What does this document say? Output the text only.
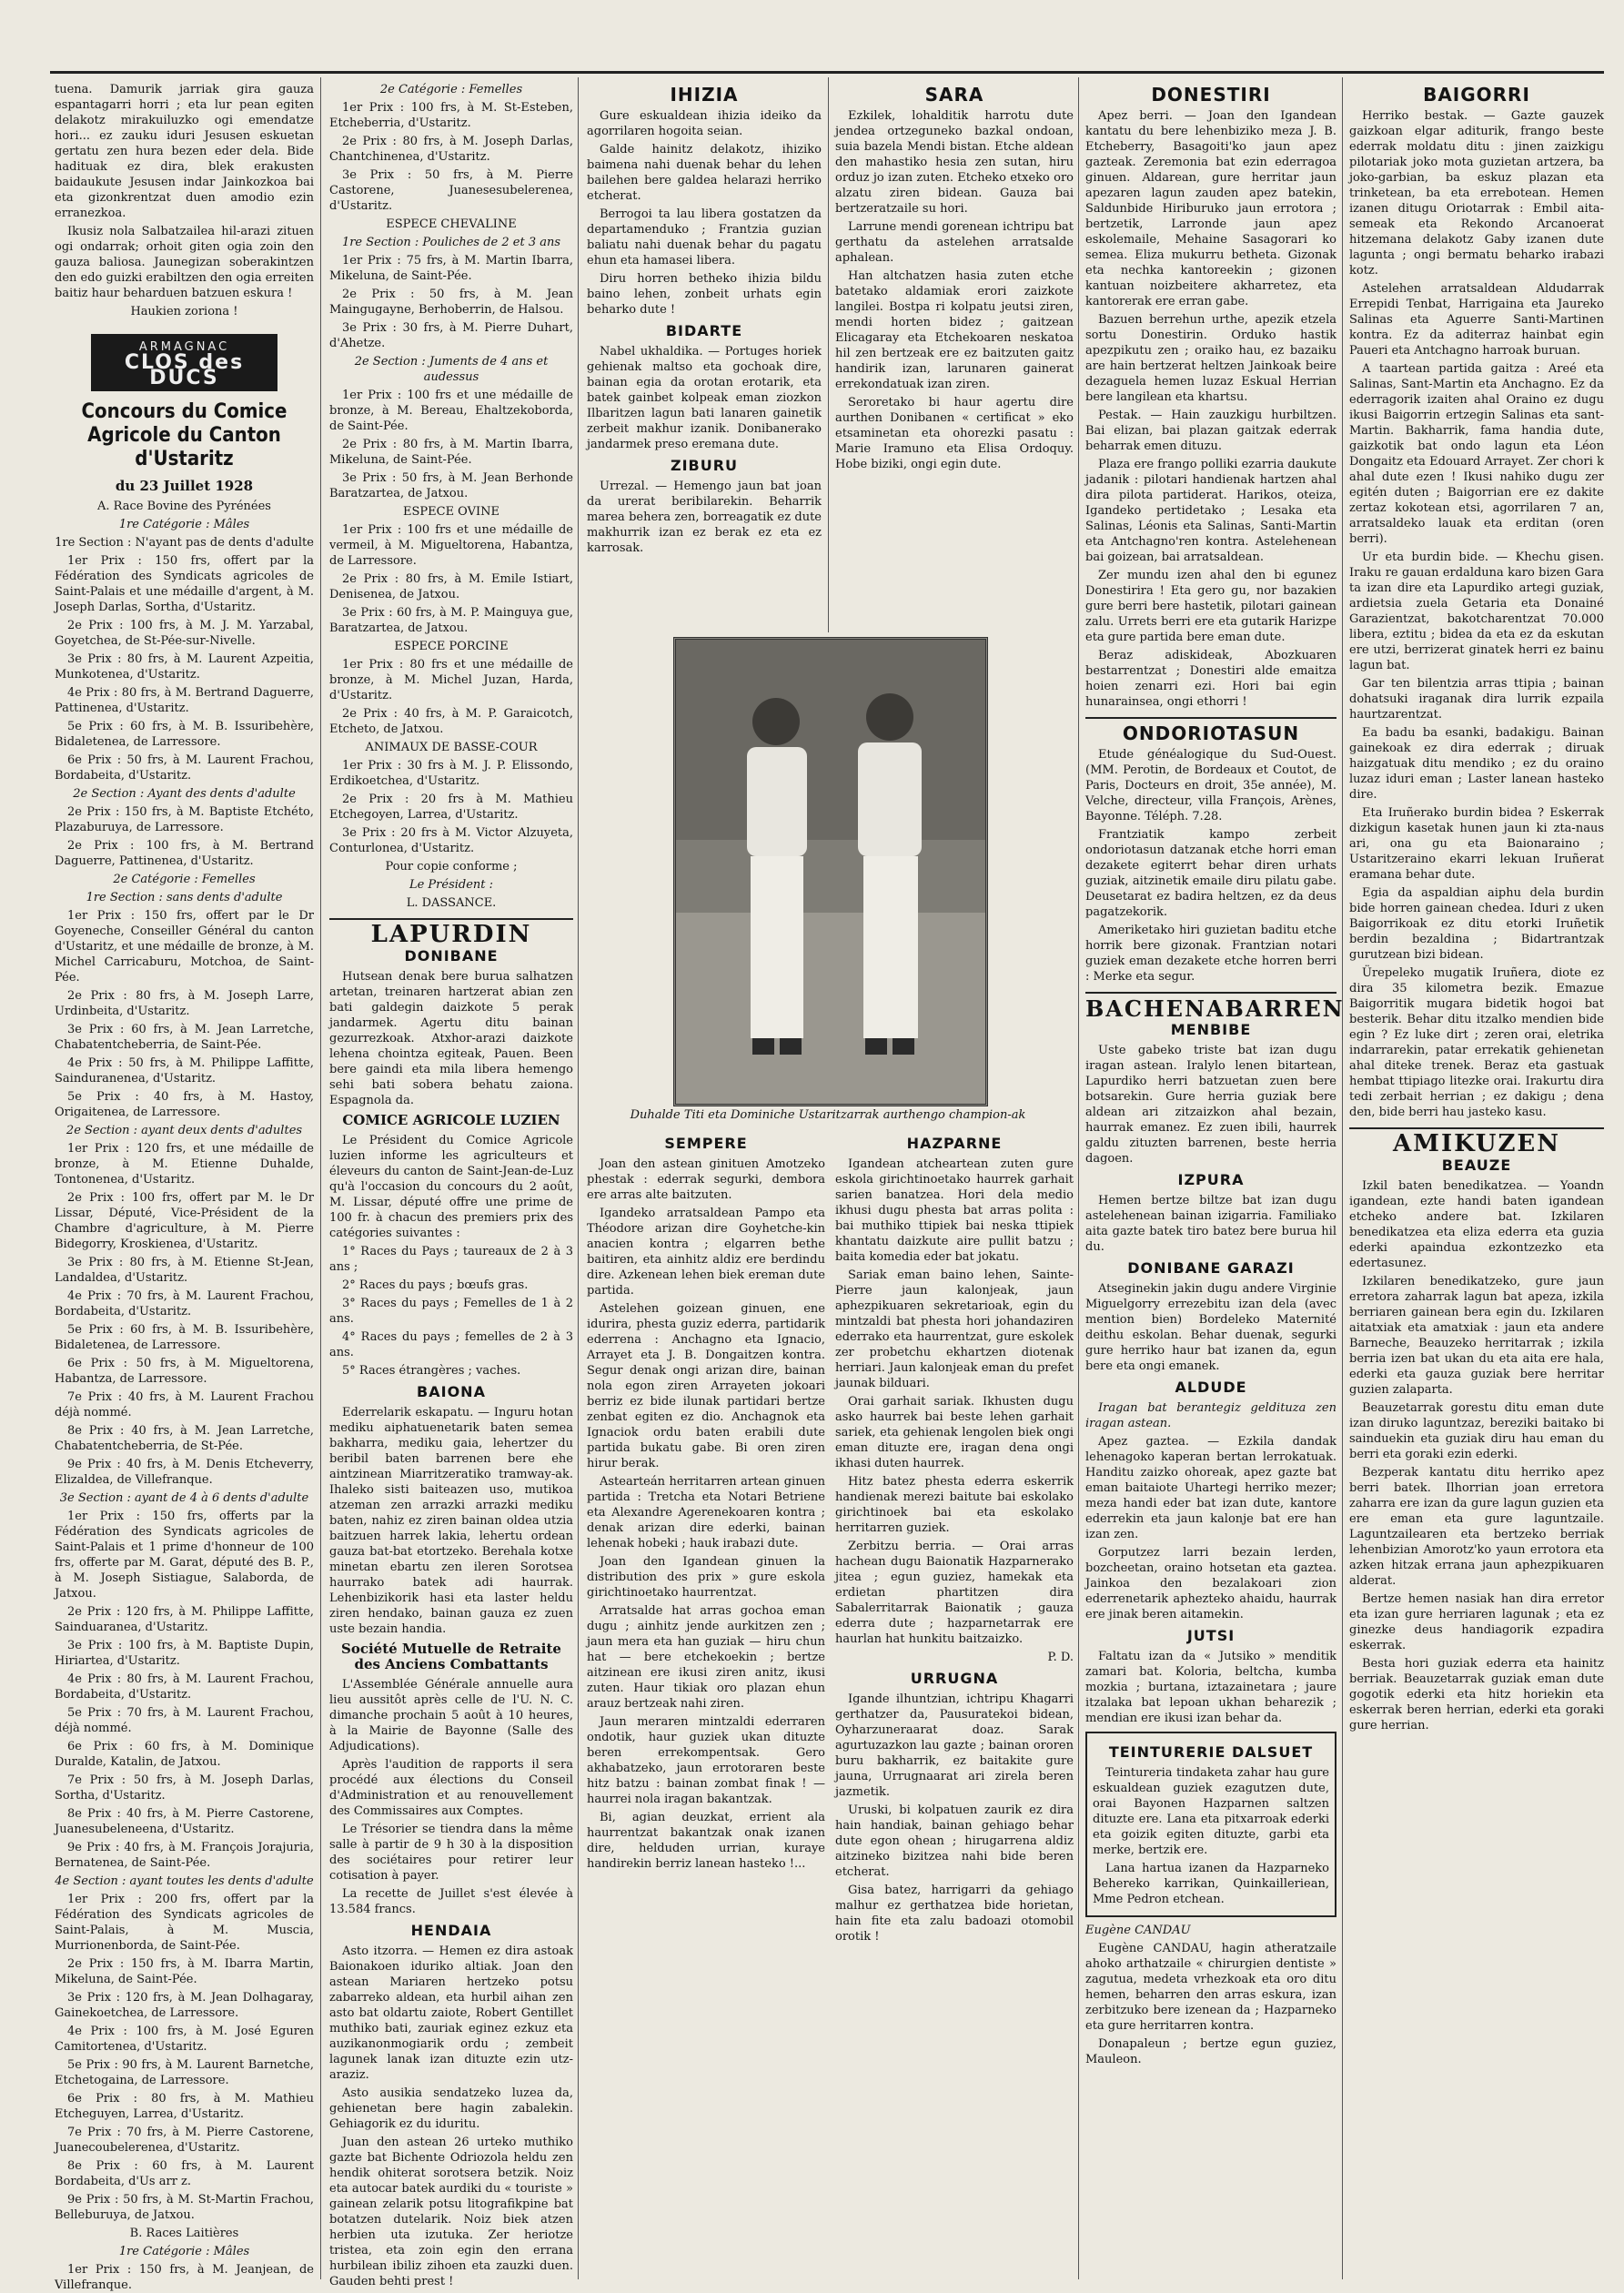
tuena. Damurik jarriak gira gauza espantagarri horri ; eta lur pean egiten delakotz mirakuiluzko ogi emendatze hori... ez zauku iduri Jesusen eskuetan gertatu zen hura bezen eder dela. Bide hadituak ez dira, blek erakusten baidaukute Jesusen indar Jainkozkoa bai eta gizonkrentzat duen amodio ezin erranezkoa.

Ikusiz nola Salbatzailea hil-arazi zituen ogi ondarrak; orhoit giten ogia zoin den gauza baliosa. Jaunegizan soberakintzen den edo guizki erabiltzen den ogia erreiten baitiz haur beharduen batzuen eskura !

Haukien zoriona !

ARMAGNAC
CLOS des DUCS
Concours du Comice Agricole du Canton d'Ustaritz
du 23 Juillet 1928

A. Race Bovine des Pyrénées

1re Catégorie : Mâles

1re Section : N'ayant pas de dents d'adulte

1er Prix : 150 frs, offert par la Fédération des Syndicats agricoles de Saint-Palais et une médaille d'argent, à M. Joseph Darlas, Sortha, d'Ustaritz.

2e Prix : 100 frs, à M. J. M. Yarzabal, Goyetchea, de St-Pée-sur-Nivelle.

3e Prix : 80 frs, à M. Laurent Azpeitia, Munkotenea, d'Ustaritz.

4e Prix : 80 frs, à M. Bertrand Daguerre, Pattinenea, d'Ustaritz.

5e Prix : 60 frs, à M. B. Issuribehère, Bidaletenea, de Larressore.

6e Prix : 50 frs, à M. Laurent Frachou, Bordabeita, d'Ustaritz.

2e Section : Ayant des dents d'adulte

2e Prix : 150 frs, à M. Baptiste Etchéto, Plazaburuya, de Larressore.

2e Prix : 100 frs, à M. Bertrand Daguerre, Pattinenea, d'Ustaritz.

2e Catégorie : Femelles

1re Section : sans dents d'adulte

1er Prix : 150 frs, offert par le Dr Goyeneche, Conseiller Général du canton d'Ustaritz, et une médaille de bronze, à M. Michel Carricaburu, Motchoa, de Saint-Pée.

2e Prix : 80 frs, à M. Joseph Larre, Urdinbeita, d'Ustaritz.

3e Prix : 60 frs, à M. Jean Larretche, Chabatentcheberria, de Saint-Pée.

4e Prix : 50 frs, à M. Philippe Laffitte, Sainduranenea, d'Ustaritz.

5e Prix : 40 frs, à M. Hastoy, Origaitenea, de Larressore.

2e Section : ayant deux dents d'adultes

1er Prix : 120 frs, et une médaille de bronze, à M. Etienne Duhalde, Tontonenea, d'Ustaritz.

2e Prix : 100 frs, offert par M. le Dr Lissar, Député, Vice-Président de la Chambre d'agriculture, à M. Pierre Bidegorry, Kroskienea, d'Ustaritz.

3e Prix : 80 frs, à M. Etienne St-Jean, Landaldea, d'Ustaritz.

4e Prix : 70 frs, à M. Laurent Frachou, Bordabeita, d'Ustaritz.

5e Prix : 60 frs, à M. B. Issuribehère, Bidaletenea, de Larressore.

6e Prix : 50 frs, à M. Migueltorena, Habantza, de Larressore.

7e Prix : 40 frs, à M. Laurent Frachou déjà nommé.

8e Prix : 40 frs, à M. Jean Larretche, Chabatentcheberria, de St-Pée.

9e Prix : 40 frs, à M. Denis Etcheverry, Elizaldea, de Villefranque.

3e Section : ayant de 4 à 6 dents d'adulte

1er Prix : 150 frs, offerts par la Fédération des Syndicats agricoles de Saint-Palais et 1 prime d'honneur de 100 frs, offerte par M. Garat, député des B. P., à M. Joseph Sistiague, Salaborda, de Jatxou.

2e Prix : 120 frs, à M. Philippe Laffitte, Sainduaranea, d'Ustaritz.

3e Prix : 100 frs, à M. Baptiste Dupin, Hiriartea, d'Ustaritz.

4e Prix : 80 frs, à M. Laurent Frachou, Bordabeita, d'Ustaritz.

5e Prix : 70 frs, à M. Laurent Frachou, déjà nommé.

6e Prix : 60 frs, à M. Dominique Duralde, Katalin, de Jatxou.

7e Prix : 50 frs, à M. Joseph Darlas, Sortha, d'Ustaritz.

8e Prix : 40 frs, à M. Pierre Castorene, Juanesubeleneena, d'Ustaritz.

9e Prix : 40 frs, à M. François Jorajuria, Bernatenea, de Saint-Pée.

4e Section : ayant toutes les dents d'adulte

1er Prix : 200 frs, offert par la Fédération des Syndicats agricoles de Saint-Palais, à M. Muscia, Murrionenborda, de Saint-Pée.

2e Prix : 150 frs, à M. Ibarra Martin, Mikeluna, de Saint-Pée.

3e Prix : 120 frs, à M. Jean Dolhagaray, Gainekoetchea, de Larressore.

4e Prix : 100 frs, à M. José Eguren Camitortenea, d'Ustaritz.

5e Prix : 90 frs, à M. Laurent Barnetche, Etchetogaina, de Larressore.

6e Prix : 80 frs, à M. Mathieu Etcheguyen, Larrea, d'Ustaritz.

7e Prix : 70 frs, à M. Pierre Castorene, Juanecoubelerenea, d'Ustaritz.

8e Prix : 60 frs, à M. Laurent Bordabeita, d'Us arr z.

9e Prix : 50 frs, à M. St-Martin Frachou, Belleburuya, de Jatxou.

B. Races Laitières

1re Catégorie : Mâles

1er Prix : 150 frs, à M. Jeanjean, de Villefranque.

2e Catégorie : Femelles

1er Prix : 100 frs, à M. St-Esteben, Etcheberria, d'Ustaritz.

2e Prix : 80 frs, à M. Joseph Darlas, Chantchinenea, d'Ustaritz.

3e Prix : 50 frs, à M. Pierre Castorene, Juanesesubelerenea, d'Ustaritz.

ESPECE CHEVALINE

1re Section : Pouliches de 2 et 3 ans

1er Prix : 75 frs, à M. Martin Ibarra, Mikeluna, de Saint-Pée.

2e Prix : 50 frs, à M. Jean Maingugayne, Berhoberrin, de Halsou.

3e Prix : 30 frs, à M. Pierre Duhart, d'Ahetze.

2e Section : Juments de 4 ans et audessus

1er Prix : 100 frs et une médaille de bronze, à M. Bereau, Ehaltzekoborda, de Saint-Pée.

2e Prix : 80 frs, à M. Martin Ibarra, Mikeluna, de Saint-Pée.

3e Prix : 50 frs, à M. Jean Berhonde Baratzartea, de Jatxou.

ESPECE OVINE

1er Prix : 100 frs et une médaille de vermeil, à M. Migueltorena, Habantza, de Larressore.

2e Prix : 80 frs, à M. Emile Istiart, Denisenea, de Jatxou.

3e Prix : 60 frs, à M. P. Mainguya gue, Baratzartea, de Jatxou.

ESPECE PORCINE

1er Prix : 80 frs et une médaille de bronze, à M. Michel Juzan, Harda, d'Ustaritz.

2e Prix : 40 frs, à M. P. Garaicotch, Etcheto, de Jatxou.

ANIMAUX DE BASSE-COUR

1er Prix : 30 frs à M. J. P. Elissondo, Erdikoetchea, d'Ustaritz.

2e Prix : 20 frs à M. Mathieu Etchegoyen, Larrea, d'Ustaritz.

3e Prix : 20 frs à M. Victor Alzuyeta, Conturlonea, d'Ustaritz.

Pour copie conforme ;

Le Président :

L. DASSANCE.

LAPURDIN
DONIBANE

Hutsean denak bere burua salhatzen artetan, treinaren hartzerat abian zen bati galdegin daizkote 5 perak jandarmek. Agertu ditu bainan gezurrezkoak. Atxhor-arazi daizkote lehena chointza egiteak, Pauen. Been bere gaindi eta mila libera hemengo sehi bati sobera behatu zaiona. Espagnola da.

COMICE AGRICOLE LUZIEN

Le Président du Comice Agricole luzien informe les agriculteurs et éleveurs du canton de Saint-Jean-de-Luz qu'à l'occasion du concours du 2 août, M. Lissar, député offre une prime de 100 fr. à chacun des premiers prix des catégories suivantes :

1° Races du Pays ; taureaux de 2 à 3 ans ;

2° Races du pays ; bœufs gras.

3° Races du pays ; Femelles de 1 à 2 ans.

4° Races du pays ; femelles de 2 à 3 ans.

5° Races étrangères ; vaches.

BAIONA

Ederrelarik eskapatu. — Inguru hotan mediku aiphatuenetarik baten semea bakharra, mediku gaia, lehertzer du beribil baten barrenen bere ehe aintzinean Miarritzeratiko tramway-ak. Ihaleko sisti baiteazen uso, mutikoa atzeman zen arrazki arrazki mediku baten, nahiz ez ziren bainan oldea utzia baitzuen harrek lakia, lehertu ordean gauza bat-bat etortzeko. Berehala kotxe minetan ebartu zen ileren Sorotsea haurrako batek adi haurrak. Lehenbizikorik hasi eta laster heldu ziren hendako, bainan gauza ez zuen uste bezain handia.

Société Mutuelle de Retraite des Anciens Combattants

L'Assemblée Générale annuelle aura lieu aussitôt après celle de l'U. N. C. dimanche prochain 5 août à 10 heures, à la Mairie de Bayonne (Salle des Adjudications).

Après l'audition de rapports il sera procédé aux élections du Conseil d'Administration et au renouvellement des Commissaires aux Comptes.

Le Trésorier se tiendra dans la même salle à partir de 9 h 30 à la disposition des sociétaires pour retirer leur cotisation à payer.

La recette de Juillet s'est élevée à 13.584 francs.

HENDAIA

Asto itzorra. — Hemen ez dira astoak Baionakoen iduriko altiak. Joan den astean Mariaren hertzeko potsu zabarreko aldean, eta hurbil aihan zen asto bat oldartu zaiote, Robert Gentillet muthiko bati, zauriak eginez ezkuz eta auzikanonmogiarik ordu ; zembeit lagunek lanak izan dituzte ezin utz-araziz.

Asto ausikia sendatzeko luzea da, gehienetan bere hagin zabalekin. Gehiagorik ez du iduritu.

Juan den astean 26 urteko muthiko gazte bat Bichente Odriozola heldu zen hendik ohiterat sorotsera betzik. Noiz eta autocar batek aurdiki du « touriste » gainean zelarik potsu litografikpine bat botatzen dutelarik. Noiz biek atzen herbien uta izutuka. Zer heriotze tristea, eta zoin egin den errana hurbilean ibiliz zihoen eta zauzki duen. Gauden behti prest !

IHIZIA

Gure eskualdean ihizia ideiko da agorrilaren hogoita seian.

Galde hainitz delakotz, ihiziko baimena nahi duenak behar du lehen bailehen bere galdea helarazi herriko etcherat.

Berrogoi ta lau libera gostatzen da departamenduko ; Frantzia guzian baliatu nahi duenak behar du pagatu ehun eta hamasei libera.

Diru horren betheko ihizia bildu baino lehen, zonbeit urhats egin beharko dute !

BIDARTE

Nabel ukhaldika. — Portuges horiek gehienak maltso eta gochoak dire, bainan egia da orotan erotarik, eta batek gainbet kolpeak eman ziozkon Ilbaritzen lagun bati lanaren gainetik zerbeit makhur izanik. Donibanerako jandarmek preso eremana dute.

ZIBURU

Urrezal. — Hemengo jaun bat joan da urerat beribilarekin. Beharrik marea behera zen, borreagatik ez dute makhurrik izan ez berak ez eta ez karrosak.

SARA

Ezkilek, lohalditik harrotu dute jendea ortzeguneko bazkal ondoan, suia bazela Mendi bistan. Etche aldean den mahastiko hesia zen sutan, hiru orduz jo izan zuten. Etcheko etxeko oro alzatu ziren bidean. Gauza bai bertzeratzaile su hori.

Larrune mendi gorenean ichtripu bat gerthatu da astelehen arratsalde aphalean.

Han altchatzen hasia zuten etche batetako aldamiak erori zaizkote langilei. Bostpa ri kolpatu jeutsi ziren, mendi horten bidez ; gaitzean Elicagaray eta Etchekoaren neskatoa hil zen bertzeak ere ez baitzuten gaitz handirik izan, larunaren gainerat errekondatuak izan ziren.

Seroretako bi haur agertu dire aurthen Donibanen « certificat » eko etsaminetan eta ohorezki pasatu : Marie Iramuno eta Elisa Ordoquy. Hobe biziki, ongi egin dute.

Duhalde Titi eta Dominiche Ustaritzarrak aurthengo champion-ak
SEMPERE

Joan den astean ginituen Amotzeko phestak : ederrak segurki, dembora ere arras alte baitzuten.

Igandeko arratsaldean Pampo eta Théodore arizan dire Goyhetche-kin anacien kontra ; elgarren bethe baitiren, eta ainhitz aldiz ere berdindu dire. Azkenean lehen biek ereman dute partida.

Astelehen goizean ginuen, ene idurira, phesta guziz ederra, partidarik ederrena : Anchagno eta Ignacio, Arrayet eta J. B. Dongaitzen kontra. Segur denak ongi arizan dire, bainan nola egon ziren Arrayeten jokoari berriz ez bide ilunak partidari bertze zenbat egiten ez dio. Anchagnok eta Ignaciok ordu baten erabili dute partida bukatu gabe. Bi oren ziren hirur berak.

Astearteán herritarren artean ginuen partida : Tretcha eta Notari Betriene eta Alexandre Agerenekoaren kontra ; denak arizan dire ederki, bainan lehenak hobeki ; hauk irabazi dute.

Joan den Igandean ginuen la distribution des prix » gure eskola girichtinoetako haurrentzat.

Arratsalde hat arras gochoa eman dugu ; ainhitz jende aurkitzen zen ; jaun mera eta han guziak — hiru chun hat — bere etchekoekin ; bertze aitzinean ere ikusi ziren anitz, ikusi zuten. Haur tikiak oro plazan ehun arauz bertzeak nahi ziren.

Jaun meraren mintzaldi ederraren ondotik, haur guziek ukan dituzte beren errekompentsak. Gero akhabatzeko, jaun errotoraren beste hitz batzu : bainan zombat finak ! — haurrei nola iragan bakantzak.

Bi, agian deuzkat, errient ala haurrentzat bakantzak onak izanen dire, helduden urrian, kuraye handirekin berriz lanean hasteko !...

HAZPARNE

Igandean atcheartean zuten gure eskola girichtinoetako haurrek garhait sarien banatzea. Hori dela medio ikhusi dugu phesta bat arras polita : bai muthiko ttipiek bai neska ttipiek khantatu daizkute aire pullit batzu ; baita komedia eder bat jokatu.

Sariak eman baino lehen, Sainte-Pierre jaun kalonjeak, jaun aphezpikuaren sekretarioak, egin du mintzaldi bat phesta hori johandaziren ederrako eta haurrentzat, gure eskolek zer probetchu ekhartzen diotenak herriari. Jaun kalonjeak eman du prefet jaunak bilduari.

Orai garhait sariak. Ikhusten dugu asko haurrek bai beste lehen garhait sariek, eta gehienak lengolen biek ongi eman dituzte ere, iragan dena ongi ikhasi duten haurrek.

Hitz batez phesta ederra eskerrik handienak merezi baitute bai eskolako girichtinoek bai eta eskolako herritarren guziek.

Zerbitzu berria. — Orai arras hachean dugu Baionatik Hazparnerako jitea ; egun guziez, hamekak eta erdietan phartitzen dira Sabalerritarrak Baionatik ; gauza ederra dute ; hazparnetarrak ere haurlan hat hunkitu baitzaizko.

P. D.

URRUGNA

Igande ilhuntzian, ichtripu Khagarri gerthatzer da, Pausuratekoi bidean, Oyharzuneraarat doaz. Sarak agurtuzazkon lau gazte ; bainan ororen buru bakharrik, ez baitakite gure jauna, Urrugnaarat ari zirela beren jazmetik.

Uruski, bi kolpatuen zaurik ez dira hain handiak, bainan gehiago behar dute egon ohean ; hirugarrena aldiz aitzineko bizitzea nahi bide beren etcherat.

Gisa batez, harrigarri da gehiago malhur ez gerthatzea bide horietan, hain fite eta zalu badoazi otomobil orotik !

DONESTIRI

Apez berri. — Joan den Igandean kantatu du bere lehenbiziko meza J. B. Etcheberry, Basagoiti'ko jaun apez gazteak. Zeremonia bat ezin ederragoa ginuen. Aldarean, gure herritar jaun apezaren lagun zauden apez batekin, Saldunbide Hiriburuko jaun errotora ; bertzetik, Larronde jaun apez eskolemaile, Mehaine Sasagorari ko semea. Eliza mukurru betheta. Gizonak eta nechka kantoreekin ; gizonen kantuan noizbeitere akharretez, eta kantorerak ere erran gabe.

Bazuen berrehun urthe, apezik etzela sortu Donestirin. Orduko hastik apezpikutu zen ; oraiko hau, ez bazaiku are hain bertzerat heltzen Jainkoak beire dezaguela hemen luzaz Eskual Herrian bere langilean eta khartsu.

Pestak. — Hain zauzkigu hurbiltzen. Bai elizan, bai plazan gaitzak ederrak beharrak emen dituzu.

Plaza ere frango polliki ezarria daukute jadanik : pilotari handienak hartzen ahal dira pilota partiderat. Harikos, oteiza, Igandeko pertidetako ; Lesaka eta Salinas, Léonis eta Salinas, Santi-Martin eta Antchagno'ren kontra. Astelehenean bai goizean, bai arratsaldean.

Zer mundu izen ahal den bi egunez Donestirira ! Eta gero gu, nor bazakien gure berri bere hastetik, pilotari gainean zalu. Urrets berri ere eta gutarik Harizpe eta gure partida bere eman dute.

Beraz adiskideak, Abozkuaren bestarrentzat ; Donestiri alde emaitza hoien zenarri ezi. Hori bai egin hunarainsea, ongi ethorri !

ONDORIOTASUN

Etude généalogique du Sud-Ouest. (MM. Perotin, de Bordeaux et Coutot, de Paris, Docteurs en droit, 35e année), M. Velche, directeur, villa François, Arènes, Bayonne. Téléph. 7.28.

Frantziatik kampo zerbeit ondoriotasun datzanak etche horri eman dezakete egiterrt behar diren urhats guziak, aitzinetik emaile diru pilatu gabe. Deusetarat ez badira heltzen, ez da deus pagatzekorik.

Ameriketako hiri guzietan baditu etche horrik bere gizonak. Frantzian notari guziek eman dezakete etche horren berri : Merke eta segur.

BACHENABARREN
MENBIBE

Uste gabeko triste bat izan dugu iragan astean. Iralylo lenen bitartean, Lapurdiko herri batzuetan zuen bere botsarekin. Gure herria guziak bere aldean ari zitzaizkon ahal bezain, haurrak emanez. Ez zuen ibili, haurrek galdu zituzten barrenen, beste herria dagoen.

IZPURA

Hemen bertze biltze bat izan dugu astelehenean bainan izigarria. Familiako aita gazte batek tiro batez bere burua hil du.

DONIBANE GARAZI

Atseginekin jakin dugu andere Virginie Miguelgorry errezebitu izan dela (avec mention bien) Bordeleko Maternité deithu eskolan. Behar duenak, segurki gure herriko haur bat izanen da, egun bere eta ongi emanek.

ALDUDE

Iragan bat berantegiz geldituza zen iragan astean.

Apez gaztea. — Ezkila dandak lehenagoko kaperan bertan lerrokatuak. Handitu zaizko ohoreak, apez gazte bat eman baitaiote Uhartegi herriko mezer; meza handi eder bat izan dute, kantore ederrekin eta jaun kalonje bat ere han izan zen.

Gorputzez larri bezain lerden, bozcheetan, oraino hotsetan eta gaztea. Jainkoa den bezalakoari zion ederrenetarik aphezteko ahaidu, haurrak ere jinak beren aitamekin.

JUTSI

Faltatu izan da « Jutsiko » menditik zamari bat. Koloria, beltcha, kumba mozkia ; burtana, iztazainetara ; jaure itzalaka bat lepoan ukhan beharezik ; mendian ere ikusi izan behar da.

TEINTURERIE DALSUET

Teintureria tindaketa zahar hau gure eskualdean guziek ezagutzen dute, orai Bayonen Hazparnen saltzen dituzte ere. Lana eta pitxarroak ederki eta goizik egiten dituzte, garbi eta merke, bertzik ere.

Lana hartua izanen da Hazparneko Behereko karrikan, Quinkailleriean, Mme Pedron etchean.

Eugène CANDAU

Eugène CANDAU, hagin atheratzaile ahoko arthatzaile « chirurgien dentiste » zagutua, medeta vrhezkoak eta oro ditu hemen, beharren den arras eskura, izan zerbitzuko bere izenean da ; Hazparneko eta gure herritarren kontra.

Donapaleun ; bertze egun guziez, Mauleon.

BAIGORRI

Herriko bestak. — Gazte gauzek gaizkoan elgar aditurik, frango beste ederrak moldatu ditu : jinen zaizkigu pilotariak joko mota guzietan artzera, ba joko-garbian, ba eskuz plazan eta trinketean, ba eta errebotean. Hemen izanen ditugu Oriotarrak : Embil aita-semeak eta Rekondo Arcanoerat hitzemana delakotz Gaby izanen dute lagunta ; ongi bermatu beharko irabazi kotz.

Astelehen arratsaldean Aldudarrak Errepidi Tenbat, Harrigaina eta Jaureko Salinas eta Aguerre Santi-Martinen kontra. Ez da aditerraz hainbat egin Paueri eta Antchagno harroak buruan.

A taartean partida gaitza : Areé eta Salinas, Sant-Martin eta Anchagno. Ez da ederragorik izaiten ahal Oraino ez dugu ikusi Baigorrin ertzegin Salinas eta sant-Martin. Bakharrik, fama handia dute, gaizkotik bat ondo lagun eta Léon Dongaitz eta Edouard Arrayet. Zer chori k ahal dute ezen ! Ikusi nahiko dugu zer egitén duten ; Baigorrian ere ez dakite zertaz kokotean etsi, agorrilaren 7 an, arratsaldeko lauak eta erditan (oren berri).

Ur eta burdin bide. — Khechu gisen. Iraku re gauan erdalduna karo bizen Gara ta izan dire eta Lapurdiko artegi guziak, ardietsia zuela Getaria eta Donainé Garazientzat, bakotcharentzat 70.000 libera, eztitu ; bidea da eta ez da eskutan ere utzi, berrizerat ginatek herri ez bainu lagun bat.

Gar ten bilentzia arras ttipia ; bainan dohatsuki iraganak dira lurrik ezpaila haurtzarentzat.

Ea badu ba esanki, badakigu. Bainan gainekoak ez dira ederrak ; diruak haizgatuak ditu mendiko ; ez du oraino luzaz iduri eman ; Laster lanean hasteko dire.

Eta Iruñerako burdin bidea ? Eskerrak dizkigun kasetak hunen jaun ki zta-naus ari, ona gu eta Baionaraino ; Ustaritzeraino ekarri lekuan Iruñerat eramana behar dute.

Egia da aspaldian aiphu dela burdin bide horren gainean chedea. Iduri z uken Baigorrikoak ez ditu etorki Iruñetik berdin bezaldina ; Bidartrantzak gurutzean bizi bidean.

Ürepeleko mugatik Iruñera, diote ez dira 35 kilometra bezik. Emazue Baigorritik mugara bidetik hogoi bat besterik. Behar ditu itzalko mendien bide egin ? Ez luke dirt ; zeren orai, eletrika indarrarekin, patar errekatik gehienetan ahal diteke trenek. Beraz eta gastuak hembat ttipiago litezke orai. Irakurtu dira tedi zerbait herrian ; ez dakigu ; dena den, bide berri hau jasteko kasu.

AMIKUZEN
BEAUZE

Izkil baten benedikatzea. — Yoandn igandean, ezte handi baten igandean etcheko andere bat. Izkilaren benedikatzea eta eliza ederra eta guzia ederki apaindua ezkontzezko eta edertasunez.

Izkilaren benedikatzeko, gure jaun erretora zaharrak lagun bat apeza, izkila berriaren gainean bera egin du. Izkilaren aitatxiak eta amatxiak : jaun eta andere Barneche, Beauzeko herritarrak ; izkila berria izen bat ukan du eta aita ere hala, ederki eta gauza guziak bere herritar guzien zalaparta.

Beauzetarrak gorestu ditu eman dute izan diruko laguntzaz, bereziki baitako bi sainduekin eta guziak diru hau eman du berri eta goraki ezin ederki.

Bezperak kantatu ditu herriko apez berri batek. Ilhorrian joan erretora zaharra ere izan da gure lagun guzien eta ere eman eta gure laguntzaile. Laguntzailearen eta bertzeko berriak lehenbizian Amorotz'ko yaun errotora eta azken hitzak errana jaun aphezpikuaren alderat.

Bertze hemen nasiak han dira erretor eta izan gure herriaren lagunak ; eta ez ginezke deus handiagorik ezpadira eskerrak.

Besta hori guziak ederra eta hainitz berriak. Beauzetarrak guziak eman dute gogotik ederki eta hitz horiekin eta eskerrak beren herrian, ederki eta goraki gure herrian.
